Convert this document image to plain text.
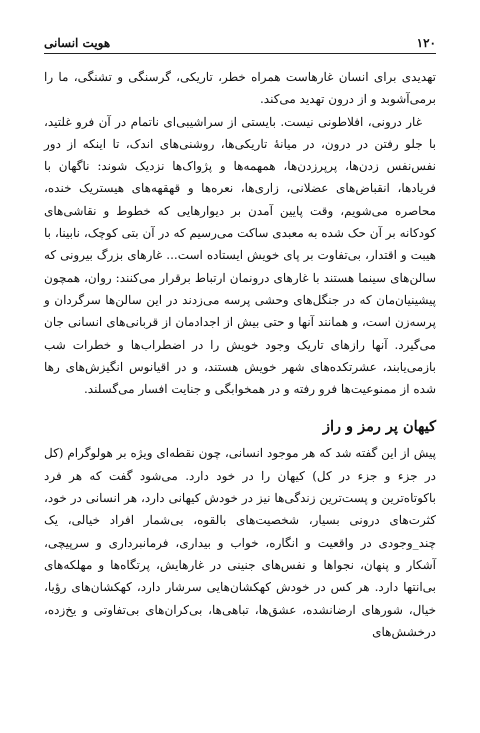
۱۲۰
هویت انسانی

تهدیدی برای انسان غارهاست همراه خطر، تاریکی، گرسنگی و تشنگی، ما را برمی‌آشوبد و از درون تهدید می‌کند.

غار درونی، افلاطونی نیست. بایستی از سراشیبی‌ای ناتمام در آن فرو غلتید، با جلو رفتن در درون، در میانهٔ تاریکی‌ها، روشنی‌های اندک، تا اینکه از دور نفس‌نفس زدن‌ها، پرپرزدن‌ها، همهمه‌ها و پژواک‌ها نزدیک شوند: ناگهان با فریادها، انقباض‌های عضلانی، زاری‌ها، نعره‌ها و قهقهه‌های هیستریک خنده، محاصره می‌شویم، وقت پایین آمدن بر دیوارهایی که خطوط و نقاشی‌های کودکانه بر آن حک شده به معبدی ساکت می‌رسیم که در آن بتی کوچک، نابینا، با هیبت و اقتدار، بی‌تفاوت بر پای خویش ایستاده است... غارهای بزرگ بیرونی که سالن‌های سینما هستند با غارهای درونمان ارتباط برقرار می‌کنند: روان، همچون پیشینیان‌مان که در جنگل‌های وحشی پرسه می‌زدند در این سالن‌ها سرگردان و پرسه‌زن است، و همانند آنها و حتی بیش از اجدادمان از قربانی‌های انسانی جان می‌گیرد. آنها رازهای تاریک وجود خویش را در اضطراب‌ها و خطرات شب بازمی‌یابند، عشرتکده‌های شهر خویش هستند، و در اقیانوس انگیزش‌های رها شده از ممنوعیت‌ها فرو رفته و در همخوابگی و جنایت افسار می‌گسلند.

کیهان پر رمز و راز

پیش از این گفته شد که هر موجود انسانی، چون نقطه‌ای ویژه بر هولوگرام (کل در جزء و جزء در کل) کیهان را در خود دارد. می‌شود گفت که هر فرد باکوتاه‌ترین و پست‌ترین زندگی‌ها نیز در خودش کیهانی دارد، هر انسانی در خود، کثرت‌های درونی بسیار، شخصیت‌های بالقوه، بی‌شمار افراد خیالی، یک چند_وجودی در واقعیت و انگاره، خواب و بیداری، فرمانبرداری و سرپیچی، آشکار و پنهان، نجواها و نفس‌های جنینی در غارهایش، پرتگاه‌ها و مهلکه‌های بی‌انتها دارد. هر کس در خودش کهکشان‌هایی سرشار دارد، کهکشان‌های رؤیا، خیال، شورهای ارضانشده، عشق‌ها، تباهی‌ها، بی‌کران‌های بی‌تفاوتی و یخ‌زده، درخشش‌های
